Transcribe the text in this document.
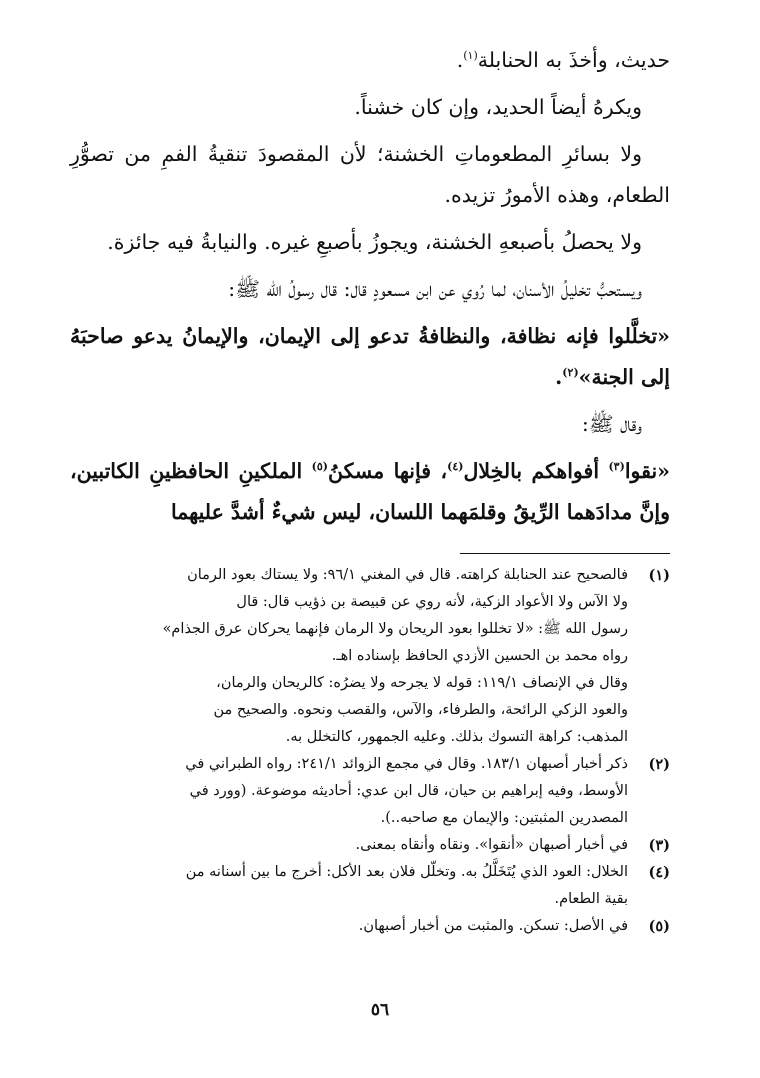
حديث، وأخذَ به الحنابلة$^{(١)}$.

ويكرهُ أيضاً الحديد، وإن كان خشناً.

ولا بسائرِ المطعوماتِ الخشنة؛ لأن المقصودَ تنقيةُ الفمِ من تصوُّرِ الطعام، وهذه الأمورُ تزيده.

ولا يحصلُ بأصبعهِ الخشنة، ويجوزُ بأصبعِ غيره. والنيابةُ فيه جائزة.

ويستحبُّ تخليلُ الأسنان، لما رُوي عن ابن مسعودٍ قال: قال رسولُ الله ﷺ:

«تخلَّلوا فإنه نظافة، والنظافةُ تدعو إلى الإيمان، والإيمانُ يدعو صاحبَهُ إلى الجنة»$^{(٢)}$.

وقال ﷺ:

«نقوا$^{(٣)}$ أفواهكم بالخِلال$^{(٤)}$، فإنها مسكنُ$^{(٥)}$ الملكينِ الحافظينِ الكاتبين، وإنَّ مدادَهما الرِّيقُ وقلمَهما اللسان، ليس شيءٌ أشدَّ عليهما

(١)
فالصحيح عند الحنابلة كراهته. قال في المغني ٩٦/١: ولا يستاك بعود الرمان
ولا الآس ولا الأعواد الزكية، لأنه روي عن قبيصة بن ذؤيب قال: قال
رسول الله ﷺ: «لا تخللوا بعود الريحان ولا الرمان فإنهما يحركان عرق الجذام»
رواه محمد بن الحسين الأزدي الحافظ بإسناده اهـ.
وقال في الإنصاف ١١٩/١: قوله لا يجرحه ولا يضرُه: كالريحان والرمان،
والعود الزكي الرائحة، والطرفاء، والآس، والقصب ونحوه. والصحيح من
المذهب: كراهة التسوك بذلك. وعليه الجمهور، كالتخلل به.
(٢)
ذكر أخبار أصبهان ١٨٣/١. وقال في مجمع الزوائد ٢٤١/١: رواه الطبراني في
الأوسط، وفيه إبراهيم بن حيان، قال ابن عدي: أحاديثه موضوعة. (وورد في
المصدرين المثبتين: والإيمان مع صاحبه..).
(٣)
في أخبار أصبهان «أنقوا». ونقاه وأنقاه بمعنى.
(٤)
الخلال: العود الذي يُتَخَلَّلُ به. وتخلّل فلان بعد الأكل: أخرج ما بين أسنانه من
بقية الطعام.
(٥)
في الأصل: تسكن. والمثبت من أخبار أصبهان.
٥٦
